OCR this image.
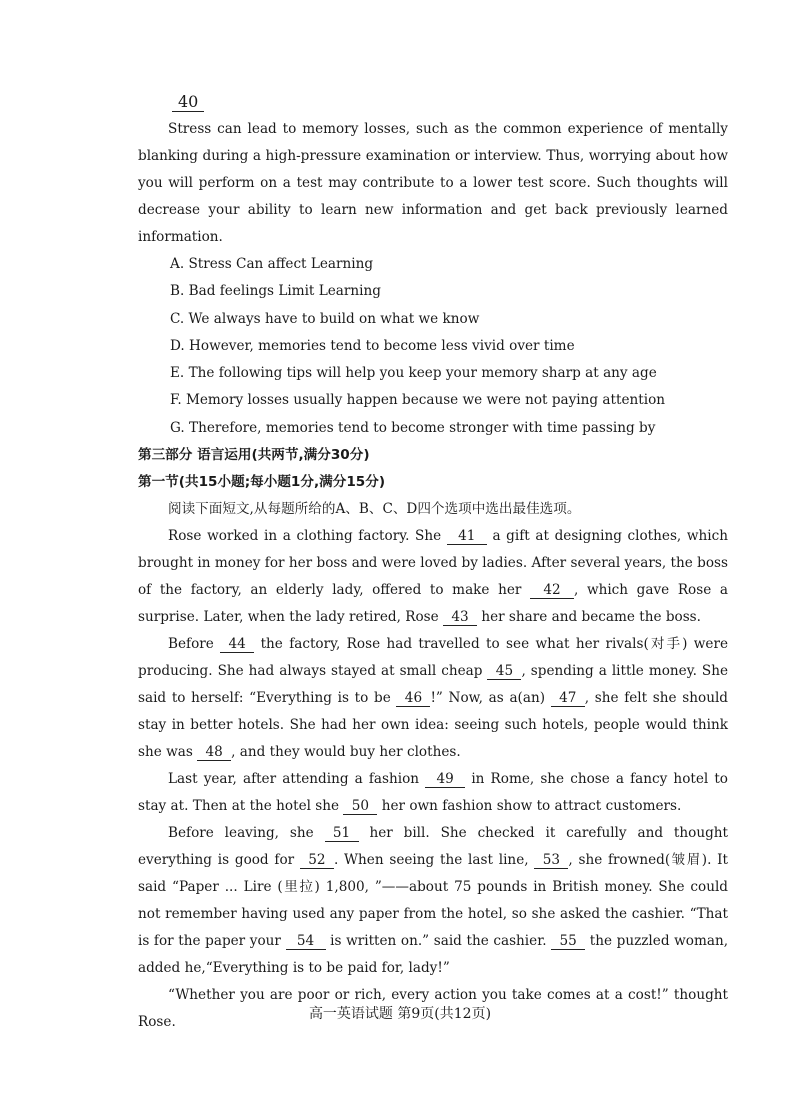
40

Stress can lead to memory losses, such as the common experience of mentally blanking during a high-pressure examination or interview. Thus, worrying about how you will perform on a test may contribute to a lower test score. Such thoughts will decrease your ability to learn new information and get back previously learned information.

A. Stress Can affect Learning

B. Bad feelings Limit Learning

C. We always have to build on what we know

D. However, memories tend to become less vivid over time

E. The following tips will help you keep your memory sharp at any age

F. Memory losses usually happen because we were not paying attention

G. Therefore, memories tend to become stronger with time passing by

第三部分 语言运用(共两节,满分30分)

第一节(共15小题;每小题1分,满分15分)

阅读下面短文,从每题所给的A、B、C、D四个选项中选出最佳选项。

Rose worked in a clothing factory. She 41 a gift at designing clothes, which brought in money for her boss and were loved by ladies. After several years, the boss of the factory, an elderly lady, offered to make her 42 , which gave Rose a surprise. Later, when the lady retired, Rose 43 her share and became the boss.

Before 44 the factory, Rose had travelled to see what her rivals(对手) were producing. She had always stayed at small cheap 45 , spending a little money. She said to herself: “Everything is to be 46 !” Now, as a(an) 47 , she felt she should stay in better hotels. She had her own idea: seeing such hotels, people would think she was 48 , and they would buy her clothes.

Last year, after attending a fashion 49 in Rome, she chose a fancy hotel to stay at. Then at the hotel she 50 her own fashion show to attract customers.

Before leaving, she 51 her bill. She checked it carefully and thought everything is good for 52 . When seeing the last line, 53 , she frowned(皱眉). It said “Paper ... Lire (里拉) 1,800, ”——about 75 pounds in British money. She could not remember having used any paper from the hotel, so she asked the cashier. “That is for the paper your 54 is written on.” said the cashier. 55 the puzzled woman, added he,“Everything is to be paid for, lady!”

“Whether you are poor or rich, every action you take comes at a cost!” thought Rose.

高一英语试题 第9页(共12页)
